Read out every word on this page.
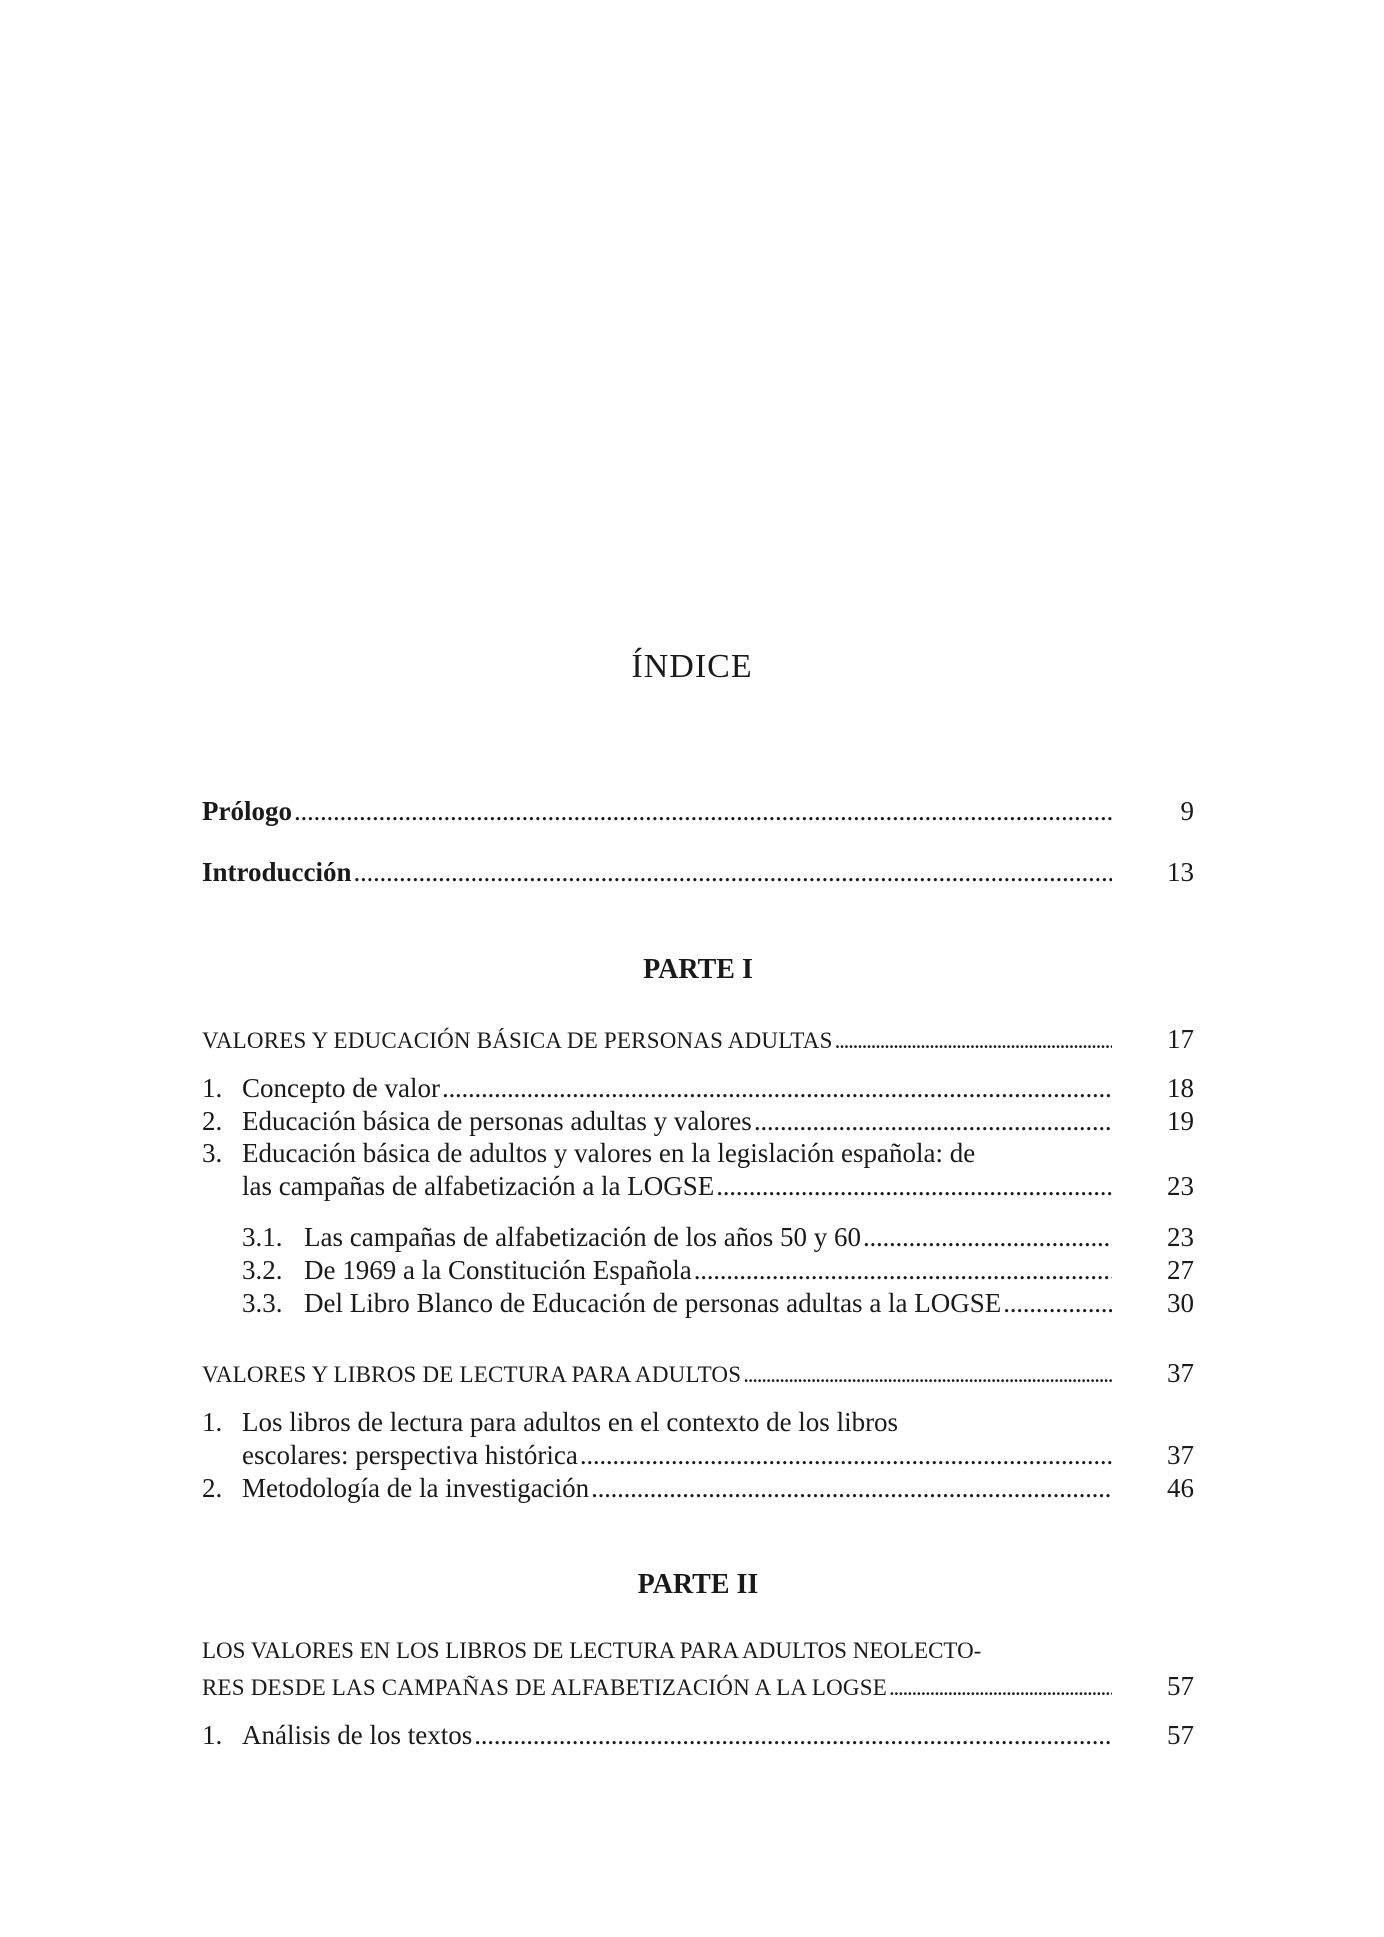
ÍNDICE
Prólogo . . .	9
Introducción . . .	13
PARTE I
VALORES Y EDUCACIÓN BÁSICA DE PERSONAS ADULTAS . . .	17
1. Concepto de valor . . .	18
2. Educación básica de personas adultas y valores . . .	19
3. Educación básica de adultos y valores en la legislación española: de
las campañas de alfabetización a la LOGSE . . .	23
3.1. Las campañas de alfabetización de los años 50 y 60 . . .	23
3.2. De 1969 a la Constitución Española . . .	27
3.3. Del Libro Blanco de Educación de personas adultas a la LOGSE . . .	30
VALORES Y LIBROS DE LECTURA PARA ADULTOS . . .	37
1. Los libros de lectura para adultos en el contexto de los libros
escolares: perspectiva histórica . . .	37
2. Metodología de la investigación . . .	46
PARTE II
LOS VALORES EN LOS LIBROS DE LECTURA PARA ADULTOS NEOLECTO-
RES DESDE LAS CAMPAÑAS DE ALFABETIZACIÓN A LA LOGSE . . .	57
1. Análisis de los textos . . .	57
